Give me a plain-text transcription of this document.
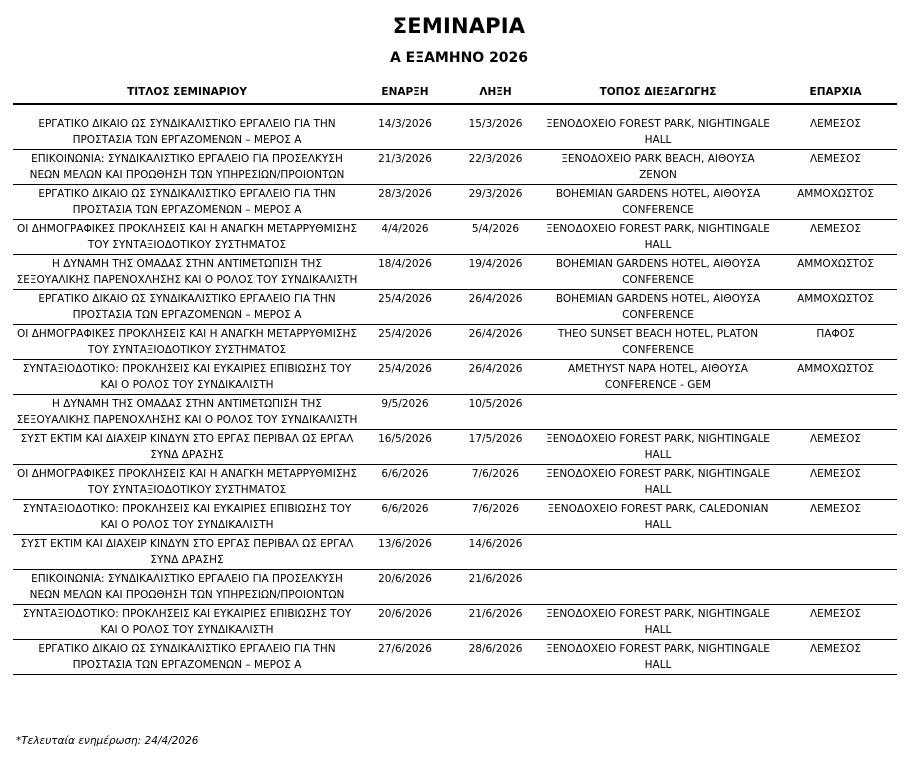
ΣΕΜΙΝΑΡΙΑ
Α ΕΞΑΜΗΝΟ 2026
ΤΙΤΛΟΣ ΣΕΜΙΝΑΡΙΟΥ	ΕΝΑΡΞΗ	ΛΗΞΗ	ΤΟΠΟΣ ΔΙΕΞΑΓΩΓΗΣ	ΕΠΑΡΧΙΑ
ΕΡΓΑΤΙΚΟ ΔΙΚΑΙΟ ΩΣ ΣΥΝΔΙΚΑΛΙΣΤΙΚΟ ΕΡΓΑΛΕΙΟ ΓΙΑ ΤΗΝ ΠΡΟΣΤΑΣΙΑ ΤΩΝ ΕΡΓΑΖΟΜΕΝΩΝ – ΜΕΡΟΣ Α	14/3/2026	15/3/2026	ΞΕΝΟΔΟΧΕΙΟ FOREST PARK, NIGHTINGALE HALL	ΛΕΜΕΣΟΣ
ΕΠΙΚΟΙΝΩΝΙΑ: ΣΥΝΔΙΚΑΛΙΣΤΙΚΟ ΕΡΓΑΛΕΙΟ ΓΙΑ ΠΡΟΣΕΛΚΥΣΗ ΝΕΩΝ ΜΕΛΩΝ ΚΑΙ ΠΡΟΩΘΗΣΗ ΤΩΝ ΥΠΗΡΕΣΙΩΝ/ΠΡΟΙΟΝΤΩΝ	21/3/2026	22/3/2026	ΞΕΝΟΔΟΧΕΙΟ PARK BEACH, ΑΙΘΟΥΣΑ ZENON	ΛΕΜΕΣΟΣ
ΕΡΓΑΤΙΚΟ ΔΙΚΑΙΟ ΩΣ ΣΥΝΔΙΚΑΛΙΣΤΙΚΟ ΕΡΓΑΛΕΙΟ ΓΙΑ ΤΗΝ ΠΡΟΣΤΑΣΙΑ ΤΩΝ ΕΡΓΑΖΟΜΕΝΩΝ – ΜΕΡΟΣ Α	28/3/2026	29/3/2026	BOHEMIAN GARDENS HOTEL, ΑΙΘΟΥΣΑ CONFERENCE	ΑΜΜΟΧΩΣΤΟΣ
ΟΙ ΔΗΜΟΓΡΑΦΙΚΕΣ ΠΡΟΚΛΗΣΕΙΣ ΚΑΙ Η ΑΝΑΓΚΗ ΜΕΤΑΡΡΥΘΜΙΣΗΣ ΤΟΥ ΣΥΝΤΑΞΙΟΔΟΤΙΚΟΥ ΣΥΣΤΗΜΑΤΟΣ	4/4/2026	5/4/2026	ΞΕΝΟΔΟΧΕΙΟ FOREST PARK, NIGHTINGALE HALL	ΛΕΜΕΣΟΣ
Η ΔΥΝΑΜΗ ΤΗΣ ΟΜΑΔΑΣ ΣΤΗΝ ΑΝΤΙΜΕΤΩΠΙΣΗ ΤΗΣ ΣΕΞΟΥΑΛΙΚΗΣ ΠΑΡΕΝΟΧΛΗΣΗΣ ΚΑΙ Ο ΡΟΛΟΣ ΤΟΥ ΣΥΝΔΙΚΑΛΙΣΤΗ	18/4/2026	19/4/2026	BOHEMIAN GARDENS HOTEL, ΑΙΘΟΥΣΑ CONFERENCE	ΑΜΜΟΧΩΣΤΟΣ
ΕΡΓΑΤΙΚΟ ΔΙΚΑΙΟ ΩΣ ΣΥΝΔΙΚΑΛΙΣΤΙΚΟ ΕΡΓΑΛΕΙΟ ΓΙΑ ΤΗΝ ΠΡΟΣΤΑΣΙΑ ΤΩΝ ΕΡΓΑΖΟΜΕΝΩΝ – ΜΕΡΟΣ Α	25/4/2026	26/4/2026	BOHEMIAN GARDENS HOTEL, ΑΙΘΟΥΣΑ CONFERENCE	ΑΜΜΟΧΩΣΤΟΣ
ΟΙ ΔΗΜΟΓΡΑΦΙΚΕΣ ΠΡΟΚΛΗΣΕΙΣ ΚΑΙ Η ΑΝΑΓΚΗ ΜΕΤΑΡΡΥΘΜΙΣΗΣ ΤΟΥ ΣΥΝΤΑΞΙΟΔΟΤΙΚΟΥ ΣΥΣΤΗΜΑΤΟΣ	25/4/2026	26/4/2026	THEO SUNSET BEACH HOTEL, PLATON CONFERENCE	ΠΑΦΟΣ
ΣΥΝΤΑΞΙΟΔΟΤΙΚΟ: ΠΡΟΚΛΗΣΕΙΣ ΚΑΙ ΕΥΚΑΙΡΙΕΣ ΕΠΙΒΙΩΣΗΣ ΤΟΥ ΚΑΙ Ο ΡΟΛΟΣ ΤΟΥ ΣΥΝΔΙΚΑΛΙΣΤΗ	25/4/2026	26/4/2026	AMETHYST NAPA HOTEL, ΑΙΘΟΥΣΑ CONFERENCE - GEM	ΑΜΜΟΧΩΣΤΟΣ
Η ΔΥΝΑΜΗ ΤΗΣ ΟΜΑΔΑΣ ΣΤΗΝ ΑΝΤΙΜΕΤΩΠΙΣΗ ΤΗΣ ΣΕΞΟΥΑΛΙΚΗΣ ΠΑΡΕΝΟΧΛΗΣΗΣ ΚΑΙ Ο ΡΟΛΟΣ ΤΟΥ ΣΥΝΔΙΚΑΛΙΣΤΗ	9/5/2026	10/5/2026		
ΣΥΣΤ ΕΚΤΙΜ ΚΑΙ ΔΙΑΧΕΙΡ ΚΙΝΔΥΝ ΣΤΟ ΕΡΓΑΣ ΠΕΡΙΒΑΛ ΩΣ ΕΡΓΑΛ ΣΥΝΔ ΔΡΑΣΗΣ	16/5/2026	17/5/2026	ΞΕΝΟΔΟΧΕΙΟ FOREST PARK, NIGHTINGALE HALL	ΛΕΜΕΣΟΣ
ΟΙ ΔΗΜΟΓΡΑΦΙΚΕΣ ΠΡΟΚΛΗΣΕΙΣ ΚΑΙ Η ΑΝΑΓΚΗ ΜΕΤΑΡΡΥΘΜΙΣΗΣ ΤΟΥ ΣΥΝΤΑΞΙΟΔΟΤΙΚΟΥ ΣΥΣΤΗΜΑΤΟΣ	6/6/2026	7/6/2026	ΞΕΝΟΔΟΧΕΙΟ FOREST PARK, NIGHTINGALE HALL	ΛΕΜΕΣΟΣ
ΣΥΝΤΑΞΙΟΔΟΤΙΚΟ: ΠΡΟΚΛΗΣΕΙΣ ΚΑΙ ΕΥΚΑΙΡΙΕΣ ΕΠΙΒΙΩΣΗΣ ΤΟΥ ΚΑΙ Ο ΡΟΛΟΣ ΤΟΥ ΣΥΝΔΙΚΑΛΙΣΤΗ	6/6/2026	7/6/2026	ΞΕΝΟΔΟΧΕΙΟ FOREST PARK, CALEDONIAN HALL	ΛΕΜΕΣΟΣ
ΣΥΣΤ ΕΚΤΙΜ ΚΑΙ ΔΙΑΧΕΙΡ ΚΙΝΔΥΝ ΣΤΟ ΕΡΓΑΣ ΠΕΡΙΒΑΛ ΩΣ ΕΡΓΑΛ ΣΥΝΔ ΔΡΑΣΗΣ	13/6/2026	14/6/2026		
ΕΠΙΚΟΙΝΩΝΙΑ: ΣΥΝΔΙΚΑΛΙΣΤΙΚΟ ΕΡΓΑΛΕΙΟ ΓΙΑ ΠΡΟΣΕΛΚΥΣΗ ΝΕΩΝ ΜΕΛΩΝ ΚΑΙ ΠΡΟΩΘΗΣΗ ΤΩΝ ΥΠΗΡΕΣΙΩΝ/ΠΡΟΙΟΝΤΩΝ	20/6/2026	21/6/2026		
ΣΥΝΤΑΞΙΟΔΟΤΙΚΟ: ΠΡΟΚΛΗΣΕΙΣ ΚΑΙ ΕΥΚΑΙΡΙΕΣ ΕΠΙΒΙΩΣΗΣ ΤΟΥ ΚΑΙ Ο ΡΟΛΟΣ ΤΟΥ ΣΥΝΔΙΚΑΛΙΣΤΗ	20/6/2026	21/6/2026	ΞΕΝΟΔΟΧΕΙΟ FOREST PARK, NIGHTINGALE HALL	ΛΕΜΕΣΟΣ
ΕΡΓΑΤΙΚΟ ΔΙΚΑΙΟ ΩΣ ΣΥΝΔΙΚΑΛΙΣΤΙΚΟ ΕΡΓΑΛΕΙΟ ΓΙΑ ΤΗΝ ΠΡΟΣΤΑΣΙΑ ΤΩΝ ΕΡΓΑΖΟΜΕΝΩΝ – ΜΕΡΟΣ Α	27/6/2026	28/6/2026	ΞΕΝΟΔΟΧΕΙΟ FOREST PARK, NIGHTINGALE HALL	ΛΕΜΕΣΟΣ
*Τελευταία ενημέρωση: 24/4/2026
